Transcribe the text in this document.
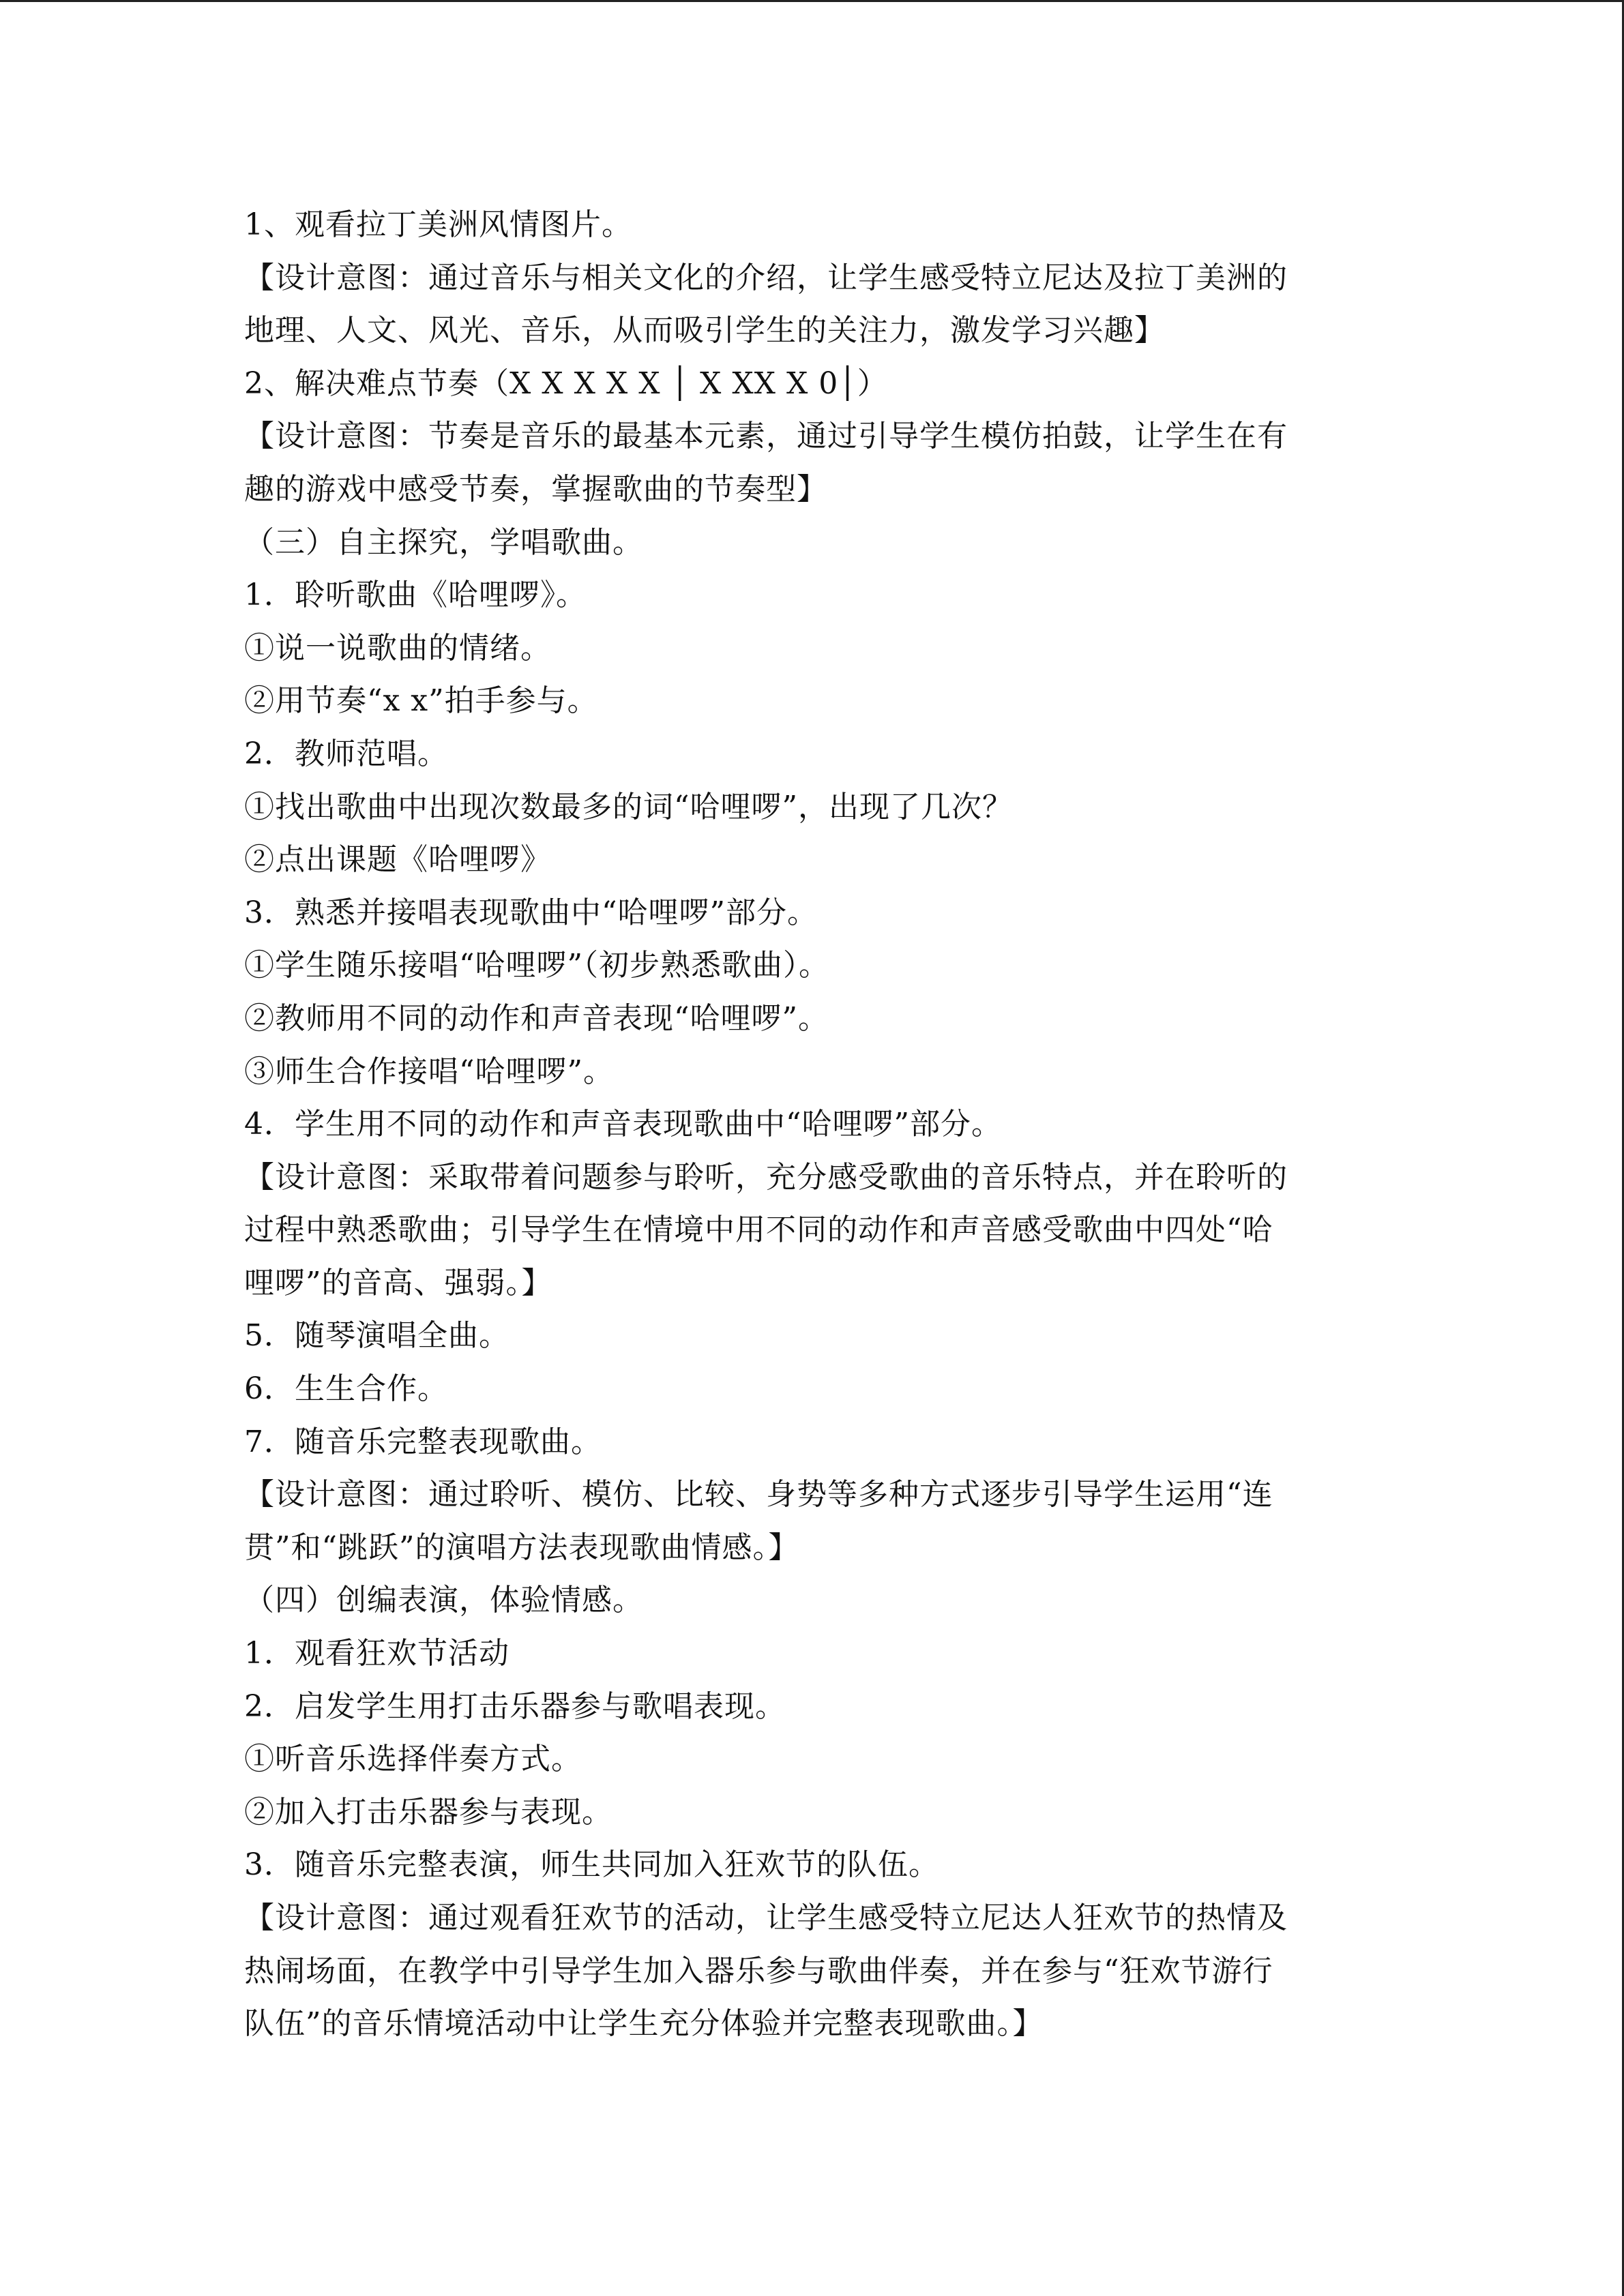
1、观看拉丁美洲风情图片。
【设计意图：通过音乐与相关文化的介绍，让学生感受特立尼达及拉丁美洲的
地理、人文、风光、音乐，从而吸引学生的关注力，激发学习兴趣】
2、解决难点节奏（X X X X X │ X XX X 0│）
【设计意图：节奏是音乐的最基本元素，通过引导学生模仿拍鼓，让学生在有
趣的游戏中感受节奏，掌握歌曲的节奏型】
（三）自主探究，学唱歌曲。
1．聆听歌曲《哈哩啰》。
①说一说歌曲的情绪。
②用节奏“x x”拍手参与。
2．教师范唱。
①找出歌曲中出现次数最多的词“哈哩啰”，出现了几次？
②点出课题《哈哩啰》
3．熟悉并接唱表现歌曲中“哈哩啰”部分。
①学生随乐接唱“哈哩啰”（初步熟悉歌曲）。
②教师用不同的动作和声音表现“哈哩啰”。
③师生合作接唱“哈哩啰”。
4．学生用不同的动作和声音表现歌曲中“哈哩啰”部分。
【设计意图：采取带着问题参与聆听，充分感受歌曲的音乐特点，并在聆听的
过程中熟悉歌曲；引导学生在情境中用不同的动作和声音感受歌曲中四处“哈
哩啰”的音高、强弱。】
5．随琴演唱全曲。
6．生生合作。
7．随音乐完整表现歌曲。
【设计意图：通过聆听、模仿、比较、身势等多种方式逐步引导学生运用“连
贯”和“跳跃”的演唱方法表现歌曲情感。】
（四）创编表演，体验情感。
1．观看狂欢节活动
2．启发学生用打击乐器参与歌唱表现。
①听音乐选择伴奏方式。
②加入打击乐器参与表现。
3．随音乐完整表演，师生共同加入狂欢节的队伍。
【设计意图：通过观看狂欢节的活动，让学生感受特立尼达人狂欢节的热情及
热闹场面，在教学中引导学生加入器乐参与歌曲伴奏，并在参与“狂欢节游行
队伍”的音乐情境活动中让学生充分体验并完整表现歌曲。】
